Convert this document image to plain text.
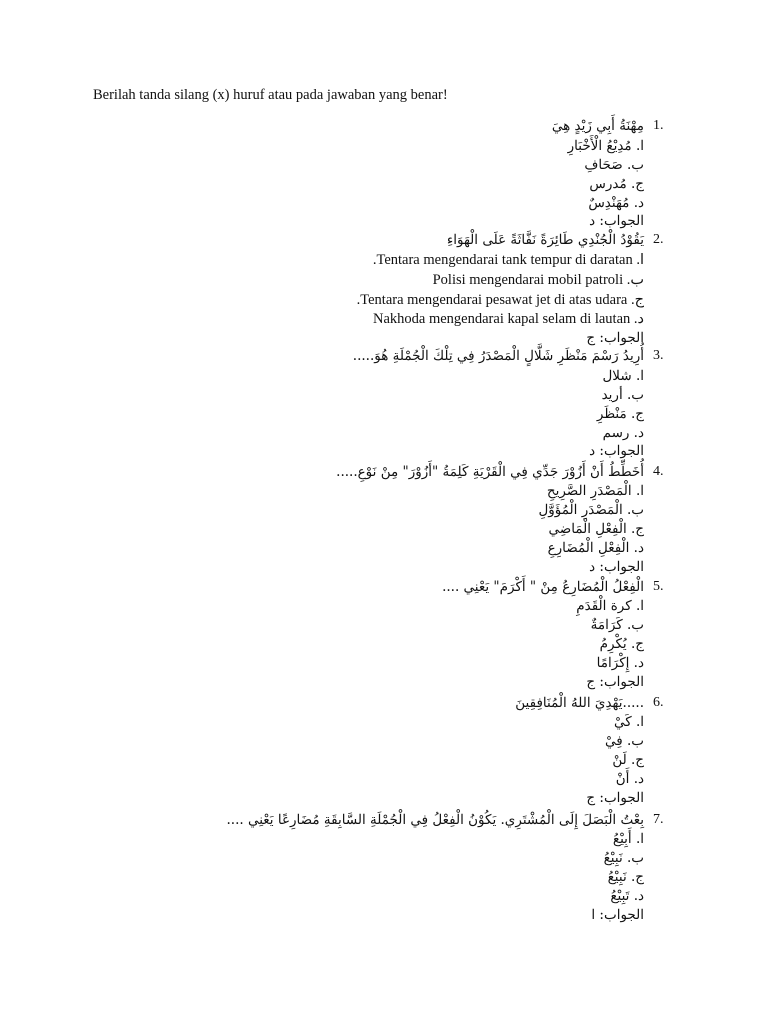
Berilah tanda silang (x) huruf atau pada jawaban yang benar!
1.
مِهْنَةُ أَبِي زَيْدٍ هِيَ
ا. مُدِيْعُ الْأَخْبَارِ
ب. صَحَافِ
ج. مُدرس
د. مُهَنْدِسٌ
الجواب: د
2.
يَقُوْدُ الْجُنْدِي طَائِرَةً نَفَّاثَةً عَلَى الْهَوَاءِ
ا. Tentara mengendarai tank tempur di daratan.
ب. Polisi mengendarai mobil patroli
ج. Tentara mengendarai pesawat jet di atas udara.
د. Nakhoda mengendarai kapal selam di lautan
الجواب: ج
3.
أُرِيدُ رَسْمَ مَنْظَرِ شَلَّالٍ الْمَصْدَرُ فِي تِلْكَ الْجُمْلَةِ هُوَ.....
ا. شلال
ب. أريد
ج. مَنْظَرِ
د. رسم
الجواب: د
4.
أُخَطِّطُ أَنْ أَزُوْرَ جَدِّي فِي الْقَرْيَةِ كَلِمَةُ "أَزُوْرَ" مِنْ نَوْعِ.....
ا. الْمَصْدَرِ الصَّرِيحِ
ب. الْمَصْدَرِ الْمُؤَوَّلِ
ج. الْفِعْلِ الْمَاضِي
د. الْفِعْلِ الْمُضَارِعِ
الجواب: د
5.
الْفِعْلُ الْمُضَارِعُ مِنْ " أَكْرَمَ" يَعْنِي ....
ا. كرة الْقَدَمِ
ب. كَرَامَةٌ
ج. يُكْرِمُ
د. إِكْرَامًا
الجواب: ج
6.
.....يَهْدِيَ اللهُ الْمُنَافِقِينَ
ا. كَيْ
ب. فِيْ
ج. لَنْ
د. أَنْ
الجواب: ج
7.
بِعْتُ الْبَصَلَ إِلَى الْمُشْتَرِي. يَكُوْنُ الْفِعْلُ فِي الْجُمْلَةِ السَّابِقَةِ مُضَارِعًا يَعْنِي ....
ا. أَبِيْعُ
ب. نَبِيْعُ
ج. نَبِيْعُ
د. تَبِيْعُ
الجواب: ا
